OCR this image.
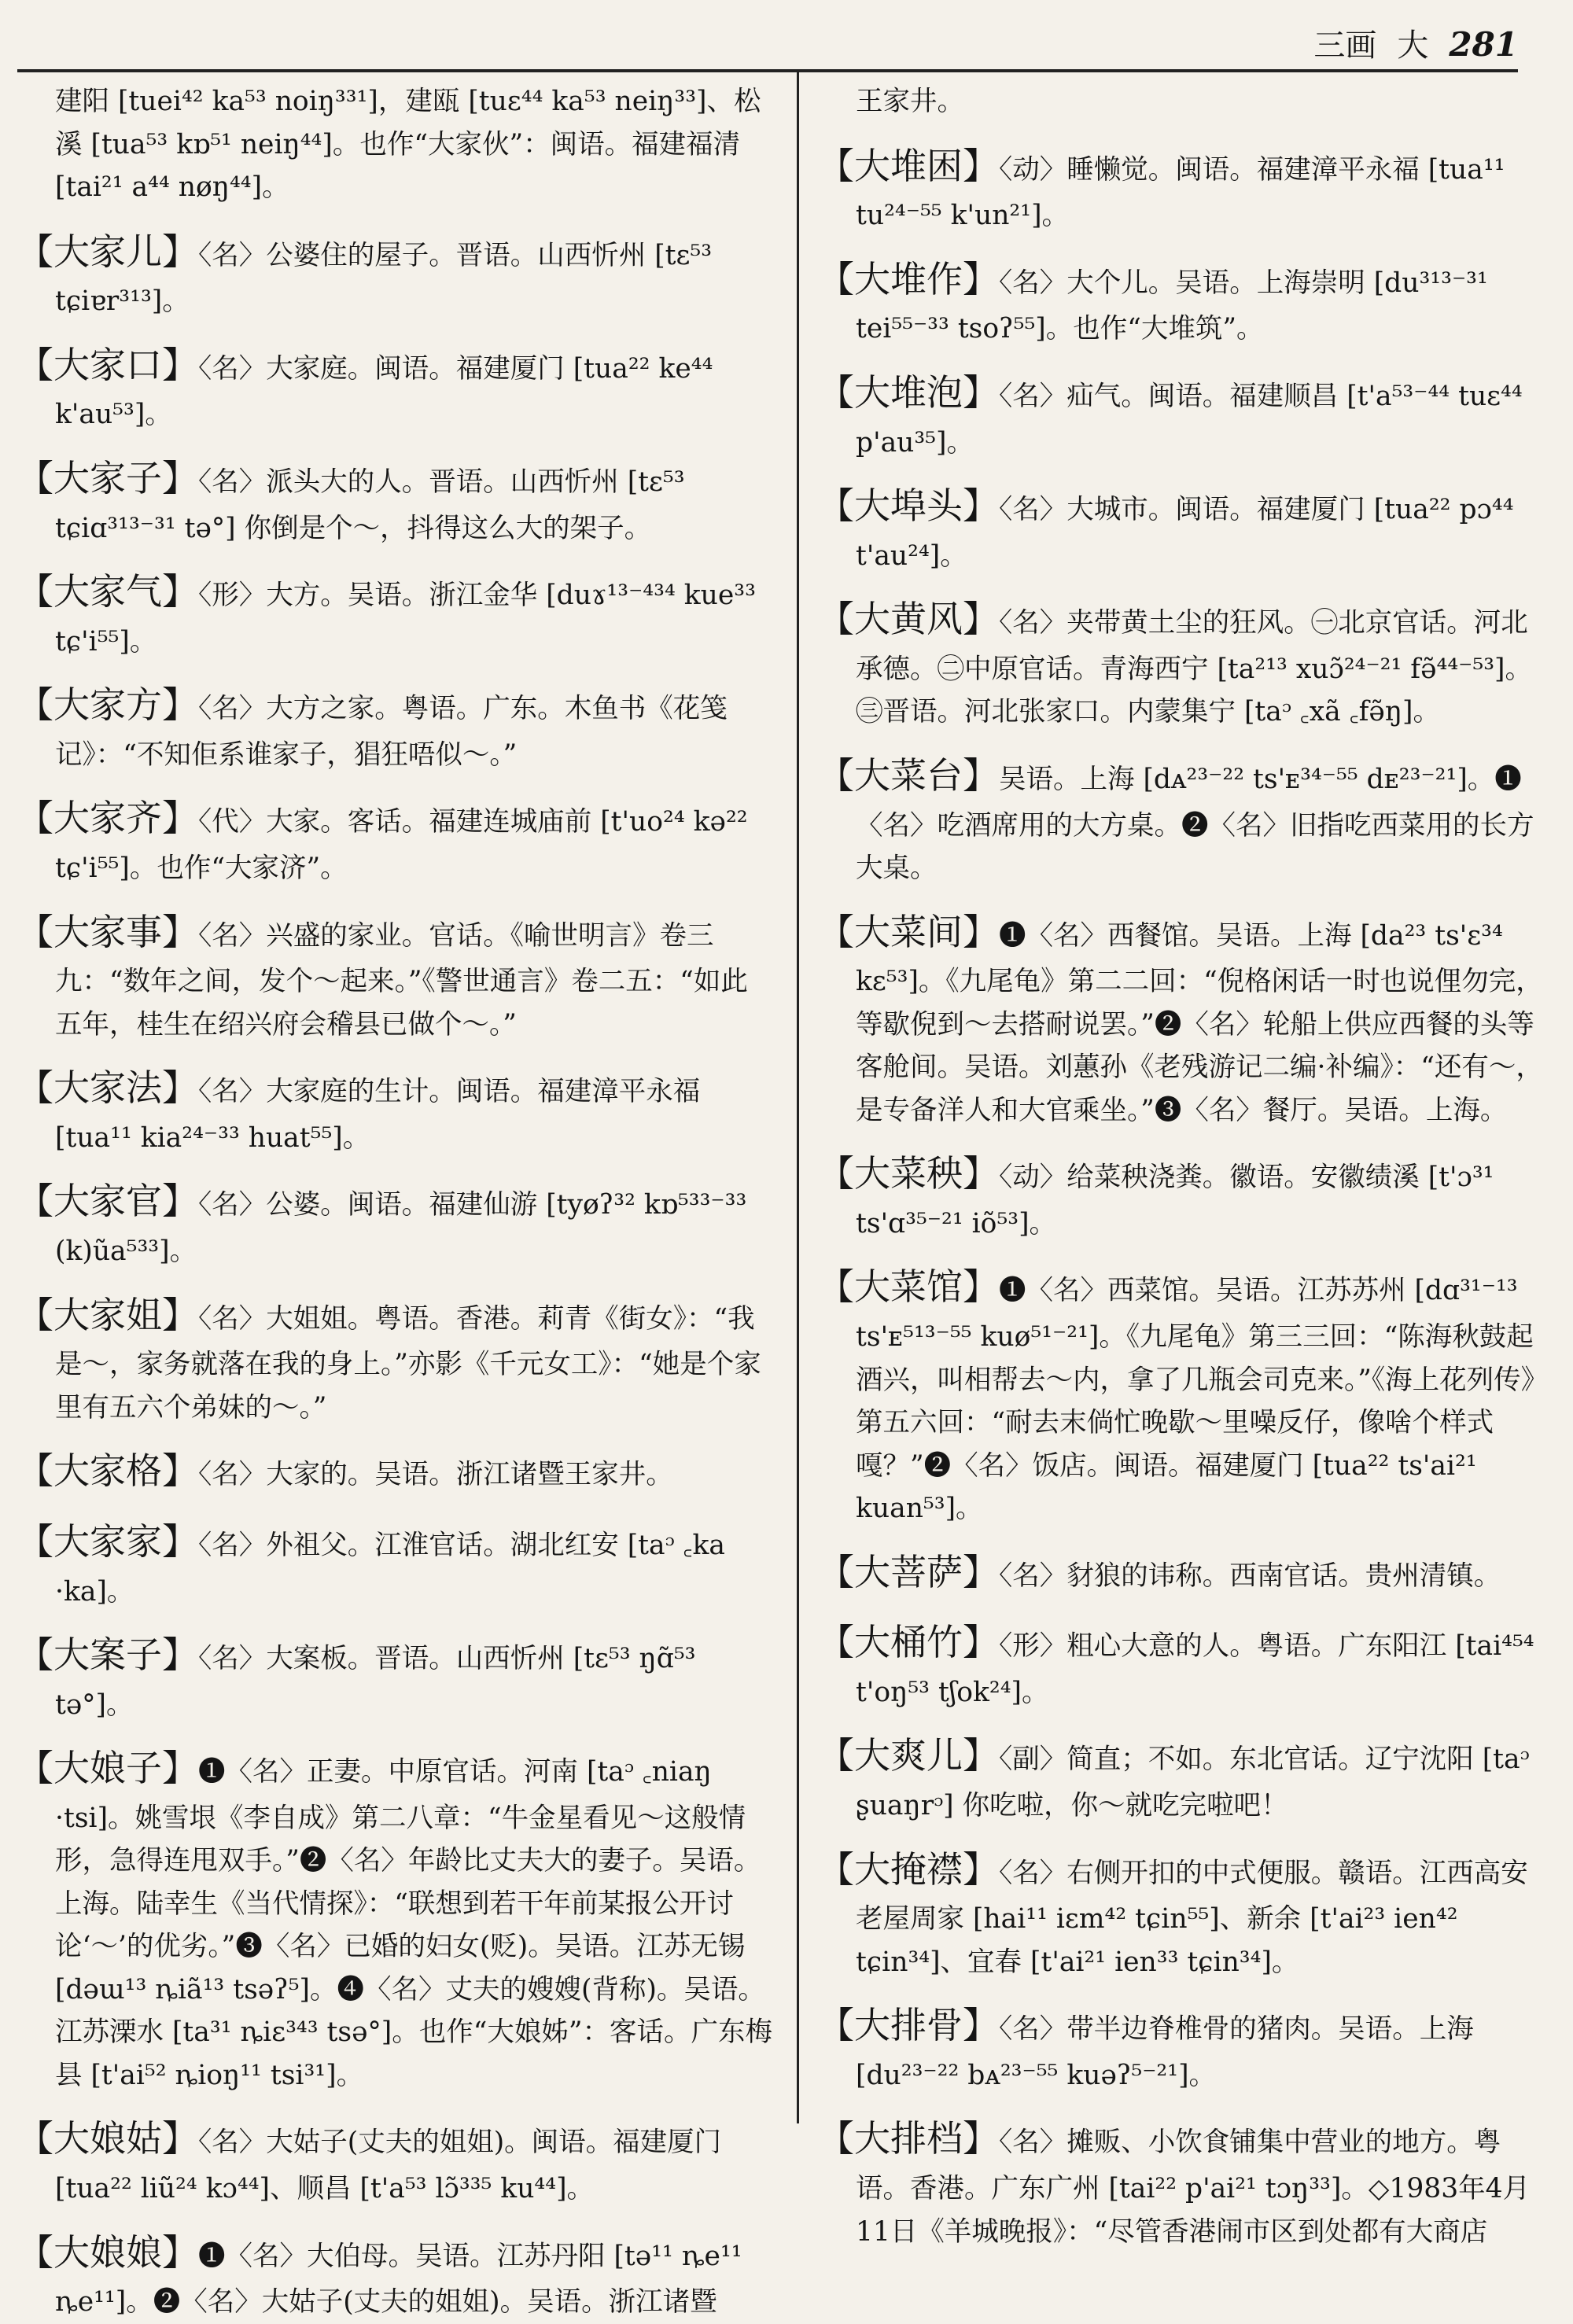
三画 大 281

建阳 [tuei⁴² ka⁵³ noiŋ³³¹]，建瓯 [tuɛ⁴⁴ ka⁵³ neiŋ³³]、松溪 [tua⁵³ kɒ⁵¹ neiŋ⁴⁴]。也作“大家伙”：闽语。福建福清 [tai²¹ a⁴⁴ nøŋ⁴⁴]。

【大家儿】〈名〉公婆住的屋子。晋语。山西忻州 [tɛ⁵³ tɕiɐr³¹³]。

【大家口】〈名〉大家庭。闽语。福建厦门 [tua²² ke⁴⁴ k'au⁵³]。

【大家子】〈名〉派头大的人。晋语。山西忻州 [tɛ⁵³ tɕiɑ³¹³⁻³¹ tə°] 你倒是个～，抖得这么大的架子。

【大家气】〈形〉大方。吴语。浙江金华 [duɤ¹³⁻⁴³⁴ kue³³ tɕ'i⁵⁵]。

【大家方】〈名〉大方之家。粤语。广东。木鱼书《花笺记》：“不知佢系谁家子，猖狂唔似～。”

【大家齐】〈代〉大家。客话。福建连城庙前 [t'uo²⁴ kə²² tɕ'i⁵⁵]。也作“大家济”。

【大家事】〈名〉兴盛的家业。官话。《喻世明言》卷三九：“数年之间，发个～起来。”《警世通言》卷二五：“如此五年，桂生在绍兴府会稽县已做个～。”

【大家法】〈名〉大家庭的生计。闽语。福建漳平永福 [tua¹¹ kia²⁴⁻³³ huat⁵⁵]。

【大家官】〈名〉公婆。闽语。福建仙游 [tyøʔ³² kɒ⁵³³⁻³³ (k)ũa⁵³³]。

【大家姐】〈名〉大姐姐。粤语。香港。莉青《街女》：“我是～，家务就落在我的身上。”亦影《千元女工》：“她是个家里有五六个弟妹的～。”

【大家格】〈名〉大家的。吴语。浙江诸暨王家井。

【大家家】〈名〉外祖父。江淮官话。湖北红安 [taᵓ ꜀ka ·ka]。

【大案子】〈名〉大案板。晋语。山西忻州 [tɛ⁵³ ŋɑ̃⁵³ tə°]。

【大娘子】❶〈名〉正妻。中原官话。河南 [taᵓ ꜀niaŋ ·tsi]。姚雪垠《李自成》第二八章：“牛金星看见～这般情形，急得连甩双手。”❷〈名〉年龄比丈夫大的妻子。吴语。上海。陆幸生《当代情探》：“联想到若干年前某报公开讨论‘～’的优劣。”❸〈名〉已婚的妇女(贬)。吴语。江苏无锡 [dəɯ¹³ ȵiã¹³ tsəʔ⁵]。❹〈名〉丈夫的嫂嫂(背称)。吴语。江苏溧水 [ta³¹ ȵiɛ³⁴³ tsə°]。也作“大娘姊”：客话。广东梅县 [t'ai⁵² ȵioŋ¹¹ tsi³¹]。

【大娘姑】〈名〉大姑子(丈夫的姐姐)。闽语。福建厦门 [tua²² liũ²⁴ kɔ⁴⁴]、顺昌 [t'a⁵³ lɔ̃³³⁵ ku⁴⁴]。

【大娘娘】❶〈名〉大伯母。吴语。江苏丹阳 [tə¹¹ ȵe¹¹ ȵe¹¹]。❷〈名〉大姑子(丈夫的姐姐)。吴语。浙江诸暨

王家井。

【大堆困】〈动〉睡懒觉。闽语。福建漳平永福 [tua¹¹ tu²⁴⁻⁵⁵ k'un²¹]。

【大堆作】〈名〉大个儿。吴语。上海崇明 [du³¹³⁻³¹ tei⁵⁵⁻³³ tsoʔ⁵⁵]。也作“大堆筑”。

【大堆泡】〈名〉疝气。闽语。福建顺昌 [t'a⁵³⁻⁴⁴ tuɛ⁴⁴ p'au³⁵]。

【大埠头】〈名〉大城市。闽语。福建厦门 [tua²² pɔ⁴⁴ t'au²⁴]。

【大黄风】〈名〉夹带黄土尘的狂风。㊀北京官话。河北承德。㊁中原官话。青海西宁 [ta²¹³ xuɔ̃²⁴⁻²¹ fə̃⁴⁴⁻⁵³]。㊂晋语。河北张家口。内蒙集宁 [taᵓ ꜀xã ꜀fə̃ŋ]。

【大菜台】吴语。上海 [dᴀ²³⁻²² ts'ᴇ³⁴⁻⁵⁵ dᴇ²³⁻²¹]。❶〈名〉吃酒席用的大方桌。❷〈名〉旧指吃西菜用的长方大桌。

【大菜间】❶〈名〉西餐馆。吴语。上海 [da²³ ts'ɛ³⁴ kɛ⁵³]。《九尾龟》第二二回：“倪格闲话一时也说俚勿完，等歇倪到～去搭耐说罢。”❷〈名〉轮船上供应西餐的头等客舱间。吴语。刘蕙孙《老残游记二编·补编》：“还有～，是专备洋人和大官乘坐。”❸〈名〉餐厅。吴语。上海。

【大菜秧】〈动〉给菜秧浇粪。徽语。安徽绩溪 [t'ɔ³¹ ts'ɑ³⁵⁻²¹ iõ⁵³]。

【大菜馆】❶〈名〉西菜馆。吴语。江苏苏州 [dɑ³¹⁻¹³ ts'ᴇ⁵¹³⁻⁵⁵ kuø⁵¹⁻²¹]。《九尾龟》第三三回：“陈海秋鼓起酒兴，叫相帮去～内，拿了几瓶会司克来。”《海上花列传》第五六回：“耐去末倘忙晚歇～里噪反仔，像啥个样式嘎？”❷〈名〉饭店。闽语。福建厦门 [tua²² ts'ai²¹ kuan⁵³]。

【大菩萨】〈名〉豺狼的讳称。西南官话。贵州清镇。

【大桶竹】〈形〉粗心大意的人。粤语。广东阳江 [tai⁴⁵⁴ t'oŋ⁵³ tʃok²⁴]。

【大爽儿】〈副〉简直；不如。东北官话。辽宁沈阳 [taᵓ ʂuaŋrᵓ] 你吃啦，你～就吃完啦吧！

【大掩襟】〈名〉右侧开扣的中式便服。赣语。江西高安老屋周家 [hai¹¹ iɛm⁴² tɕin⁵⁵]、新余 [t'ai²³ ien⁴² tɕin³⁴]、宜春 [t'ai²¹ ien³³ tɕin³⁴]。

【大排骨】〈名〉带半边脊椎骨的猪肉。吴语。上海 [du²³⁻²² bᴀ²³⁻⁵⁵ kuəʔ⁵⁻²¹]。

【大排档】〈名〉摊贩、小饮食铺集中营业的地方。粤语。香港。广东广州 [tai²² p'ai²¹ tɔŋ³³]。◇1983年4月11日《羊城晚报》：“尽管香港闹市区到处都有大商店
